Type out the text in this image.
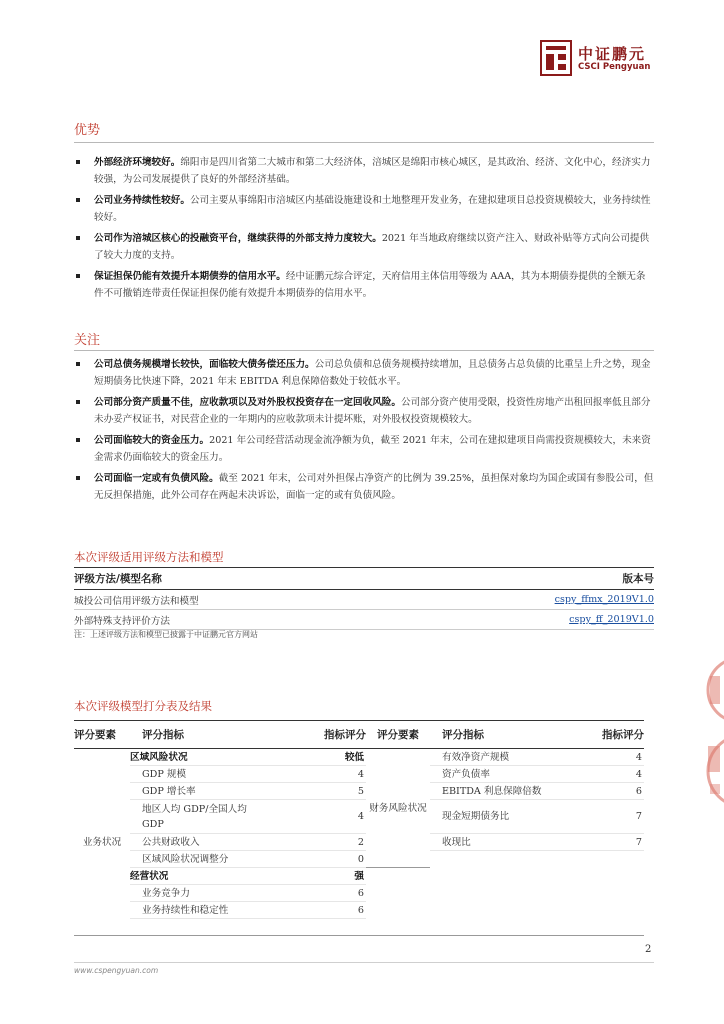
中证鹏元
CSCI Pengyuan
优势
外部经济环境较好。绵阳市是四川省第二大城市和第二大经济体，涪城区是绵阳市核心城区，是其政治、经济、文化中心，经济实力较强，为公司发展提供了良好的外部经济基础。
公司业务持续性较好。公司主要从事绵阳市涪城区内基础设施建设和土地整理开发业务，在建拟建项目总投资规模较大，业务持续性较好。
公司作为涪城区核心的投融资平台，继续获得的外部支持力度较大。2021 年当地政府继续以资产注入、财政补贴等方式向公司提供了较大力度的支持。
保证担保仍能有效提升本期债券的信用水平。经中证鹏元综合评定，天府信用主体信用等级为 AAA，其为本期债券提供的全额无条件不可撤销连带责任保证担保仍能有效提升本期债券的信用水平。
关注
公司总债务规模增长较快，面临较大债务偿还压力。公司总负债和总债务规模持续增加，且总债务占总负债的比重呈上升之势，现金短期债务比快速下降，2021 年末 EBITDA 利息保障倍数处于较低水平。
公司部分资产质量不佳，应收款项以及对外股权投资存在一定回收风险。公司部分资产使用受限，投资性房地产出租回报率低且部分未办妥产权证书，对民营企业的一年期内的应收款项未计提坏账，对外股权投资规模较大。
公司面临较大的资金压力。2021 年公司经营活动现金流净额为负，截至 2021 年末，公司在建拟建项目尚需投资规模较大，未来资金需求仍面临较大的资金压力。
公司面临一定或有负债风险。截至 2021 年末，公司对外担保占净资产的比例为 39.25%，虽担保对象均为国企或国有参股公司，但无反担保措施，此外公司存在两起未决诉讼，面临一定的或有负债风险。
本次评级适用评级方法和模型
评级方法/模型名称	版本号
城投公司信用评级方法和模型	cspy_ffmx_2019V1.0
外部特殊支持评价方法	cspy_ff_2019V1.0
注：上述评级方法和模型已披露于中证鹏元官方网站
本次评级模型打分表及结果
评分要素	评分指标	指标评分	评分要素	评分指标	指标评分
业务状况	区域风险状况	较低	财务风险状况	有效净资产规模	4
	GDP 规模	4		资产负债率	4
	GDP 增长率	5		EBITDA 利息保障倍数	6
	地区人均 GDP/全国人均 GDP	4		现金短期债务比	7
	公共财政收入	2		收现比	7
	区域风险状况调整分	0			
	经营状况	强			
	业务竞争力	6			
	业务持续性和稳定性	6			

2
www.cspengyuan.com
